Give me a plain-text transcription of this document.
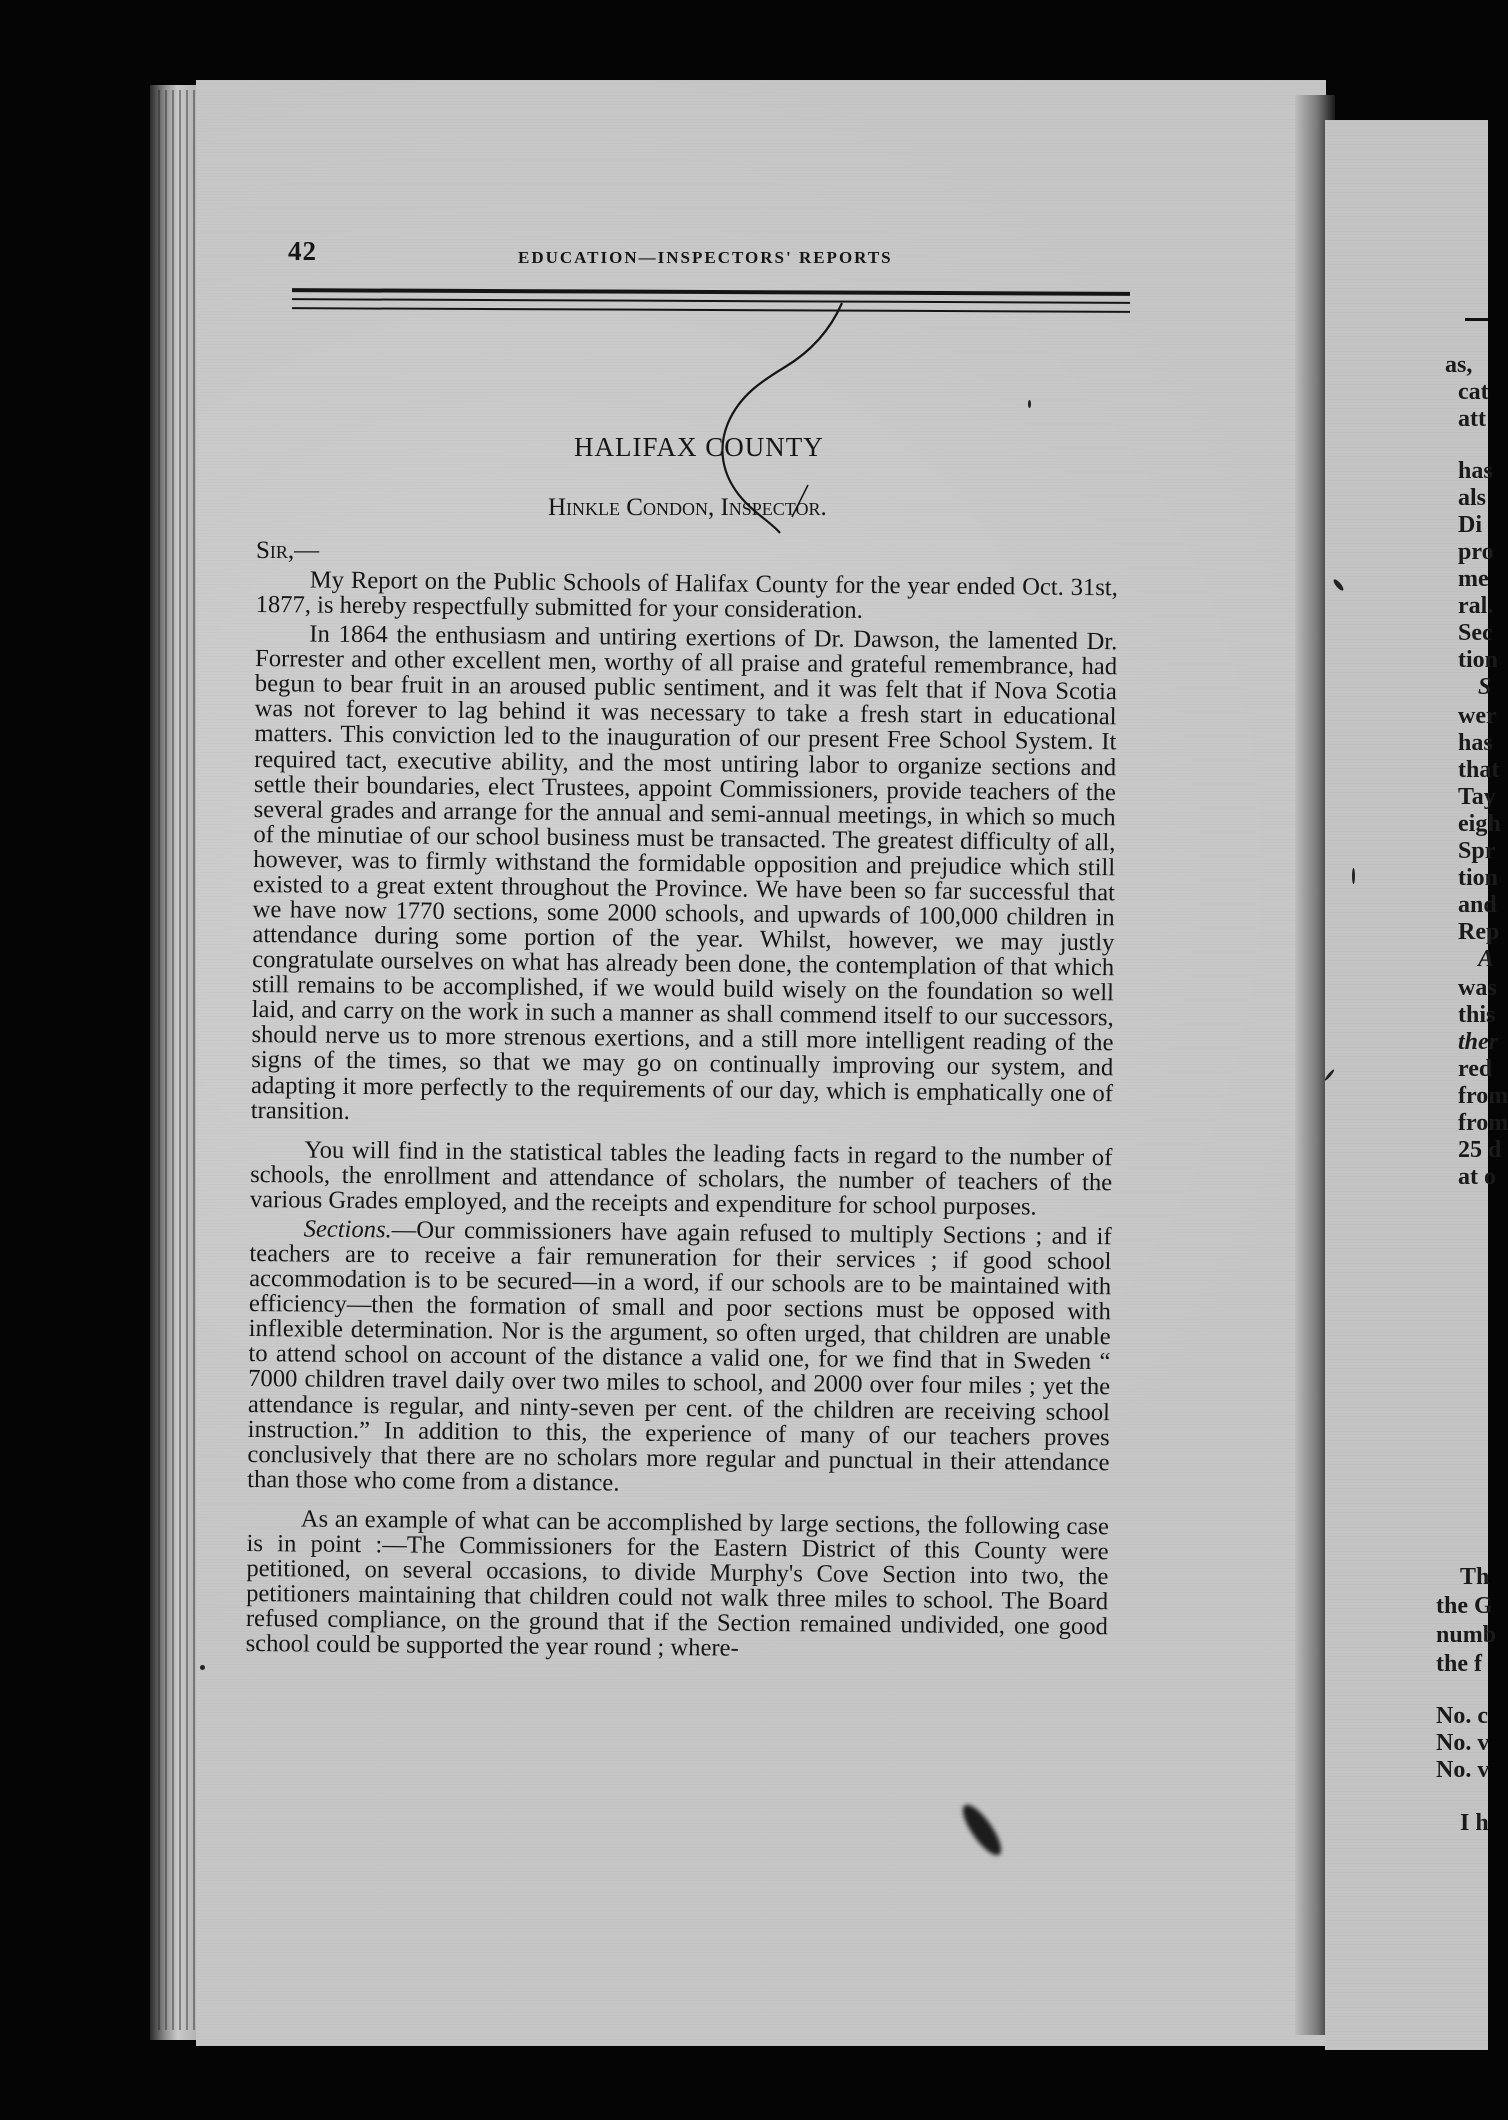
42	EDUCATION—INSPECTORS' REPORTS
HALIFAX COUNTY
Hinkle Condon, Inspector.
Sir,—

My Report on the Public Schools of Halifax County for the year ended Oct. 31st, 1877, is hereby respectfully submitted for your consideration.

In 1864 the enthusiasm and untiring exertions of Dr. Dawson, the lamented Dr. Forrester and other excellent men, worthy of all praise and grateful remembrance, had begun to bear fruit in an aroused public sentiment, and it was felt that if Nova Scotia was not forever to lag behind it was necessary to take a fresh start in educational matters. This conviction led to the inauguration of our present Free School System. It required tact, executive ability, and the most untiring labor to organize sections and settle their boundaries, elect Trustees, appoint Commissioners, provide teachers of the several grades and arrange for the annual and semi-annual meetings, in which so much of the minutiae of our school business must be transacted. The greatest difficulty of all, however, was to firmly withstand the formidable opposition and prejudice which still existed to a great extent throughout the Province. We have been so far successful that we have now 1770 sections, some 2000 schools, and upwards of 100,000 children in attendance during some portion of the year. Whilst, however, we may justly congratulate ourselves on what has already been done, the contemplation of that which still remains to be accomplished, if we would build wisely on the foundation so well laid, and carry on the work in such a manner as shall commend itself to our successors, should nerve us to more strenous exertions, and a still more intelligent reading of the signs of the times, so that we may go on continually improving our system, and adapting it more perfectly to the requirements of our day, which is emphatically one of transition.

You will find in the statistical tables the leading facts in regard to the number of schools, the enrollment and attendance of scholars, the number of teachers of the various Grades employed, and the receipts and expenditure for school purposes.

Sections.—Our commissioners have again refused to multiply Sections ; and if teachers are to receive a fair remuneration for their services ; if good school accommodation is to be secured—in a word, if our schools are to be maintained with efficiency—then the formation of small and poor sections must be opposed with inflexible determination. Nor is the argument, so often urged, that children are unable to attend school on account of the distance a valid one, for we find that in Sweden “ 7000 children travel daily over two miles to school, and 2000 over four miles ; yet the attendance is regular, and ninty-seven per cent. of the children are receiving school instruction.” In addition to this, the experience of many of our teachers proves conclusively that there are no scholars more regular and punctual in their attendance than those who come from a distance.

As an example of what can be accomplished by large sections, the following case is in point :—The Commissioners for the Eastern District of this County were petitioned, on several occasions, to divide Murphy's Cove Section into two, the petitioners maintaining that children could not walk three miles to school. The Board refused compliance, on the ground that if the Section remained undivided, one good school could be supported the year round ; where-

as,
cat
att
has
als
Di
pro
me
ral.
Sec
tion
S
wer
has
that
Tay
eigh
Spr
tion
and
Rep
A
was
this
ther
red
from
from
25 d
at o
Th
the G
numb
the f
No. c
No. v
No. v
I h
